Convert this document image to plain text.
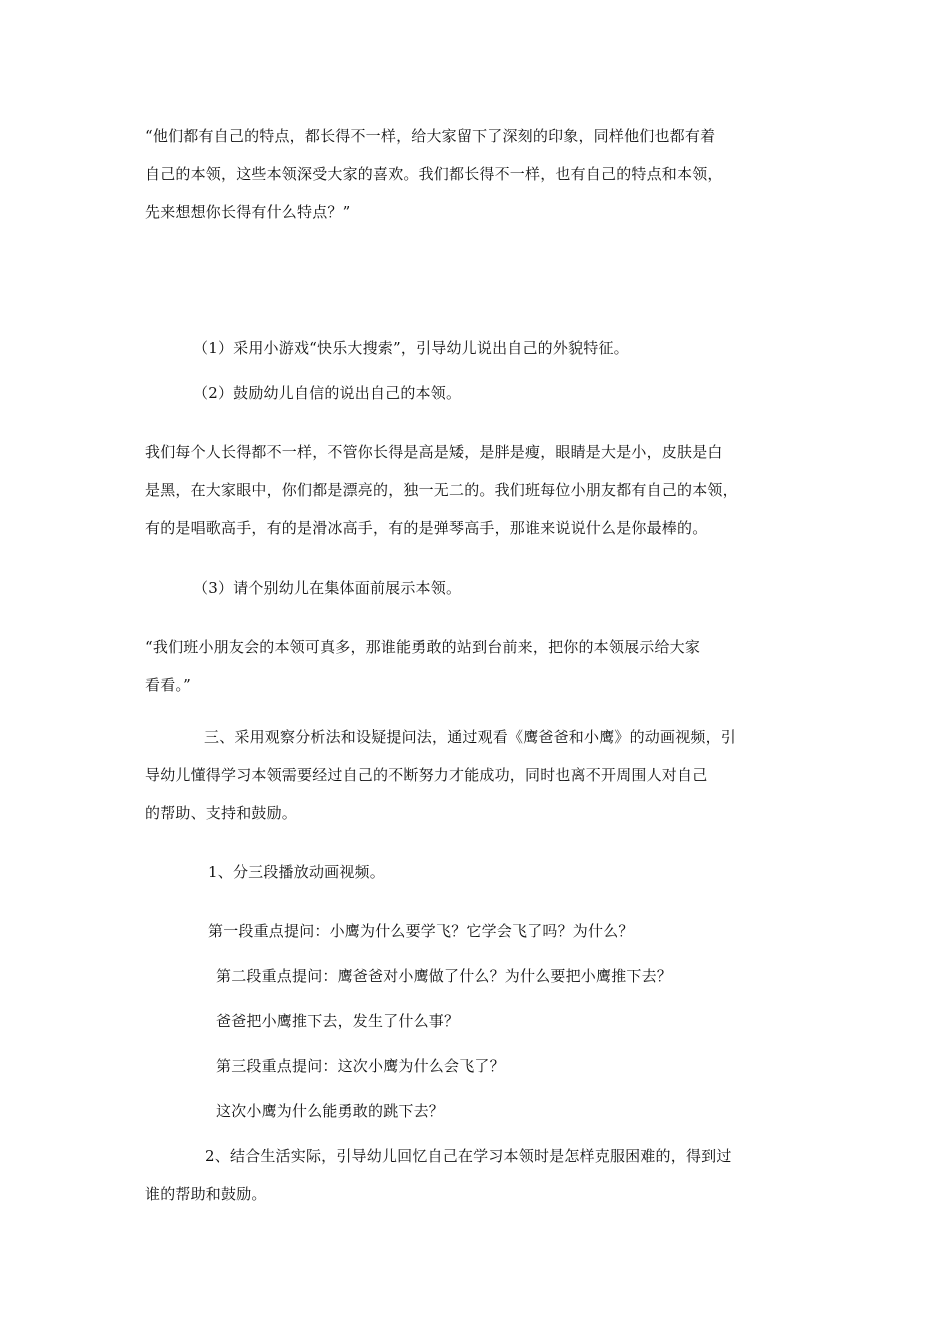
“他们都有自己的特点，都长得不一样，给大家留下了深刻的印象，同样他们也都有着
自己的本领，这些本领深受大家的喜欢。我们都长得不一样，也有自己的特点和本领，
先来想想你长得有什么特点？”
（1）采用小游戏“快乐大搜索”，引导幼儿说出自己的外貌特征。
（2）鼓励幼儿自信的说出自己的本领。
我们每个人长得都不一样，不管你长得是高是矮，是胖是瘦，眼睛是大是小，皮肤是白
是黑，在大家眼中，你们都是漂亮的，独一无二的。我们班每位小朋友都有自己的本领，
有的是唱歌高手，有的是滑冰高手，有的是弹琴高手，那谁来说说什么是你最棒的。
（3）请个别幼儿在集体面前展示本领。
“我们班小朋友会的本领可真多，那谁能勇敢的站到台前来，把你的本领展示给大家
看看。”
三、采用观察分析法和设疑提问法，通过观看《鹰爸爸和小鹰》的动画视频，引
导幼儿懂得学习本领需要经过自己的不断努力才能成功，同时也离不开周围人对自己
的帮助、支持和鼓励。
1、分三段播放动画视频。
第一段重点提问：小鹰为什么要学飞？它学会飞了吗？为什么？
第二段重点提问：鹰爸爸对小鹰做了什么？为什么要把小鹰推下去？
爸爸把小鹰推下去，发生了什么事？
第三段重点提问：这次小鹰为什么会飞了？
这次小鹰为什么能勇敢的跳下去？
2、结合生活实际，引导幼儿回忆自己在学习本领时是怎样克服困难的，得到过
谁的帮助和鼓励。
